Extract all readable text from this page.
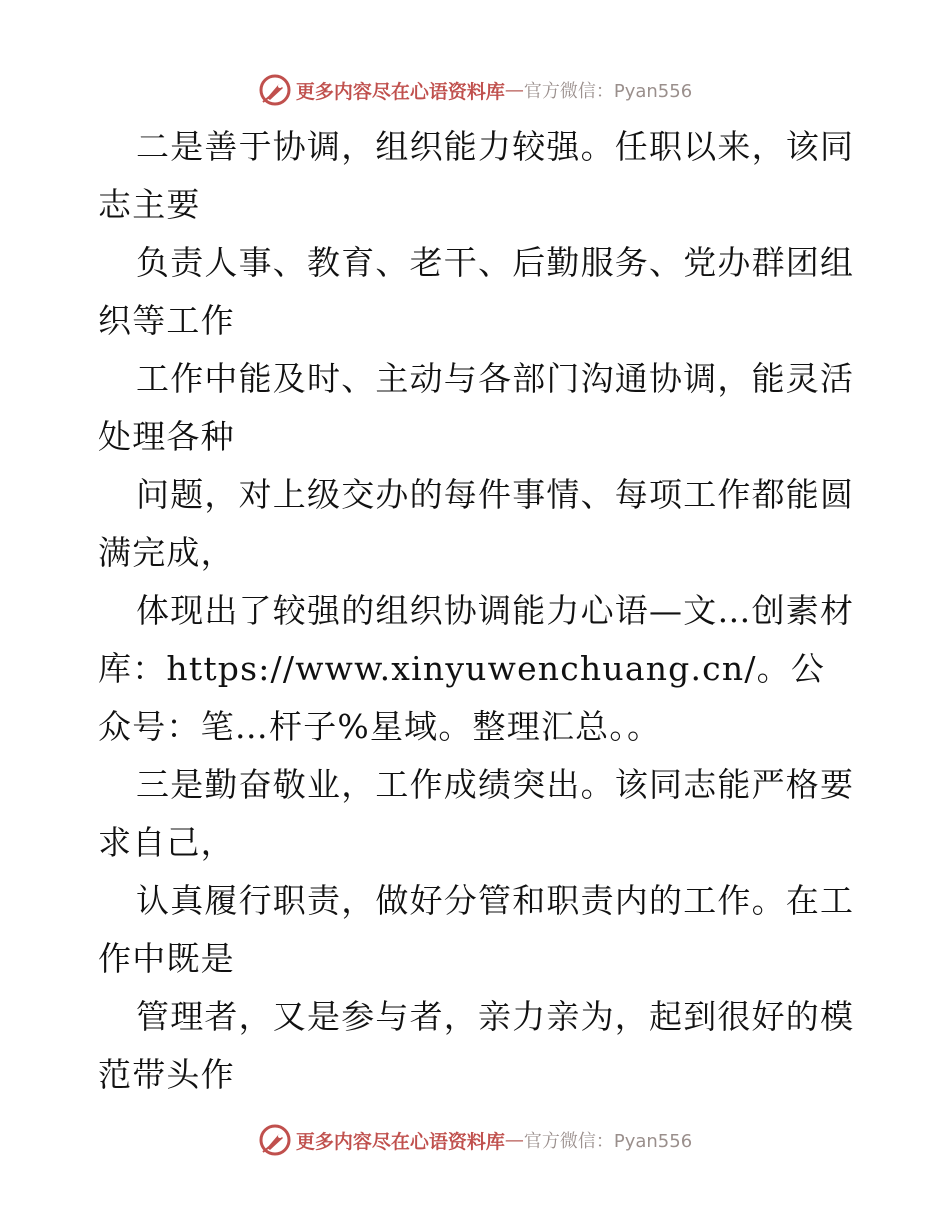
更多内容尽在心语资料库 — 官方微信：Pyan556

二是善于协调，组织能力较强。任职以来，该同志主要

负责人事、教育、老干、后勤服务、党办群团组织等工作

工作中能及时、主动与各部门沟通协调，能灵活处理各种

问题，对上级交办的每件事情、每项工作都能圆满完成，

体现出了较强的组织协调能力心语—文…创素材库：https://www.xinyuwenchuang.cn/。公众号：笔…杆子%星域。整理汇总。。

三是勤奋敬业，工作成绩突出。该同志能严格要求自己，

认真履行职责，做好分管和职责内的工作。在工作中既是

管理者，又是参与者，亲力亲为，起到很好的模范带头作

更多内容尽在心语资料库 — 官方微信：Pyan556
